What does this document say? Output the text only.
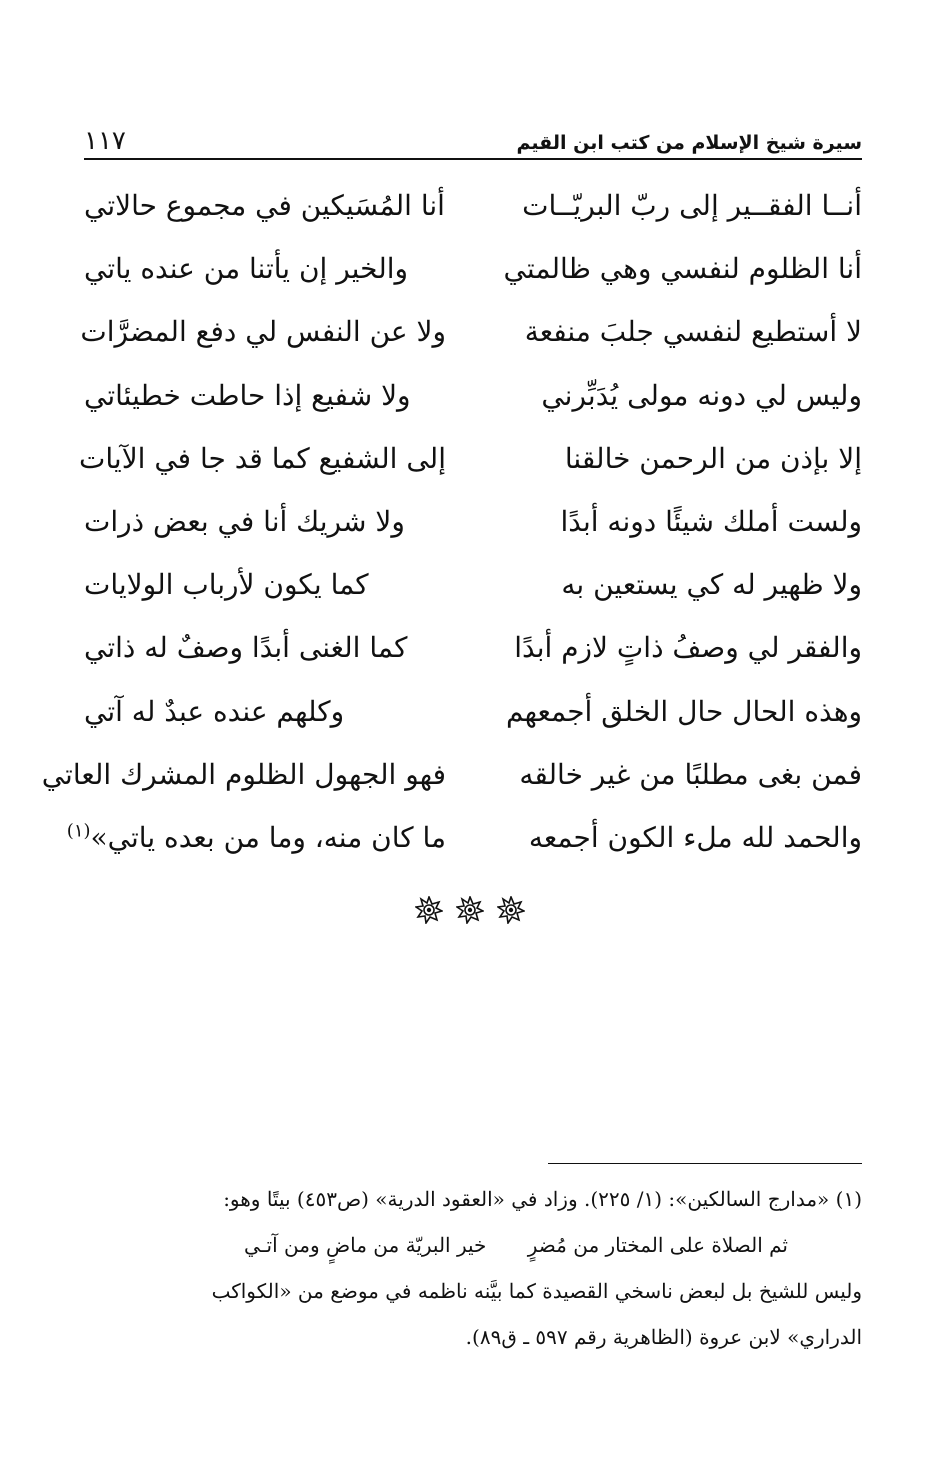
سيرة شيخ الإسلام من كتب ابن القيم
١١٧
أنــا الفقــير إلى ربّ البريّــات
أنا المُسَيكين في مجموع حالاتي
أنا الظلوم لنفسي وهي ظالمتي
والخير إن يأتنا من عنده ياتي
لا أستطيع لنفسي جلبَ منفعة
ولا عن النفس لي دفع المضرَّات
وليس لي دونه مولى يُدَبِّرني
ولا شفيع إذا حاطت خطيئاتي
إلا بإذن من الرحمن خالقنا
إلى الشفيع كما قد جا في الآيات
ولست أملك شيئًا دونه أبدًا
ولا شريك أنا في بعض ذرات
ولا ظهير له كي يستعين به
كما يكون لأرباب الولايات
والفقر لي وصفُ ذاتٍ لازم أبدًا
كما الغنى أبدًا وصفٌ له ذاتي
وهذه الحال حال الخلق أجمعهم
وكلهم عنده عبدٌ له آتي
فمن بغى مطلبًا من غير خالقه
فهو الجهول الظلوم المشرك العاتي
والحمد لله ملء الكون أجمعه
ما كان منه، وما من بعده ياتي»$^{(١)}$
(١) «مدارج السالكين»: (١/ ٢٢٥). وزاد في «العقود الدرية» (ص٤٥٣) بيتًا وهو:
ثم الصلاة على المختار من مُضرٍ
خير البريّة من ماضٍ ومن آتـي
وليس للشيخ بل لبعض ناسخي القصيدة كما بيَّنه ناظمه في موضع من «الكواكب
الدراري» لابن عروة (الظاهرية رقم ٥٩٧ ـ ق٨٩).
